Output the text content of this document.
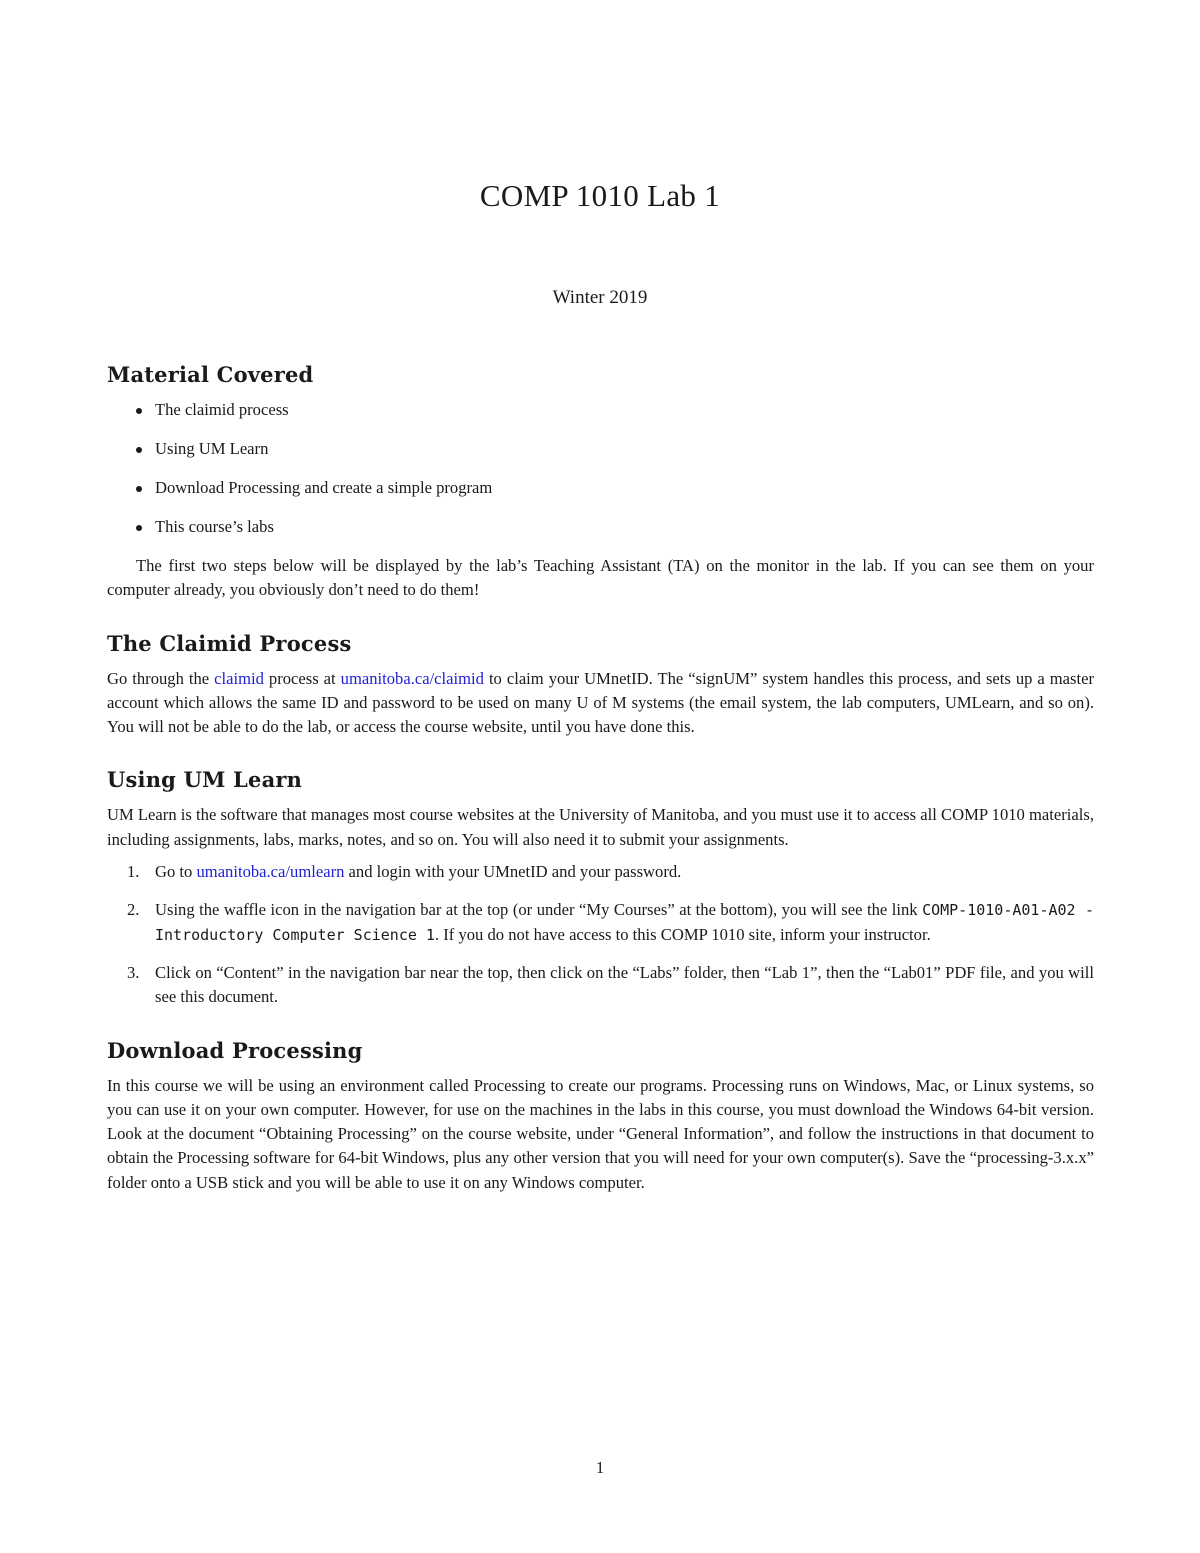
COMP 1010 Lab 1
Winter 2019
Material Covered
The claimid process
Using UM Learn
Download Processing and create a simple program
This course’s labs

The first two steps below will be displayed by the lab’s Teaching Assistant (TA) on the monitor in the lab. If you can see them on your computer already, you obviously don’t need to do them!

The Claimid Process

Go through the claimid process at umanitoba.ca/claimid to claim your UMnetID. The “signUM” system handles this process, and sets up a master account which allows the same ID and password to be used on many U of M systems (the email system, the lab computers, UMLearn, and so on). You will not be able to do the lab, or access the course website, until you have done this.

Using UM Learn

UM Learn is the software that manages most course websites at the University of Manitoba, and you must use it to access all COMP 1010 materials, including assignments, labs, marks, notes, and so on. You will also need it to submit your assignments.

1. Go to umanitoba.ca/umlearn and login with your UMnetID and your password.
2. Using the waffle icon in the navigation bar at the top (or under “My Courses” at the bottom), you will see the link COMP-1010-A01-A02 - Introductory Computer Science 1. If you do not have access to this COMP 1010 site, inform your instructor.
3. Click on “Content” in the navigation bar near the top, then click on the “Labs” folder, then “Lab 1”, then the “Lab01” PDF file, and you will see this document.
Download Processing

In this course we will be using an environment called Processing to create our programs. Processing runs on Windows, Mac, or Linux systems, so you can use it on your own computer. However, for use on the machines in the labs in this course, you must download the Windows 64-bit version. Look at the document “Obtaining Processing” on the course website, under “General Information”, and follow the instructions in that document to obtain the Processing software for 64-bit Windows, plus any other version that you will need for your own computer(s). Save the “processing-3.x.x” folder onto a USB stick and you will be able to use it on any Windows computer.

1
